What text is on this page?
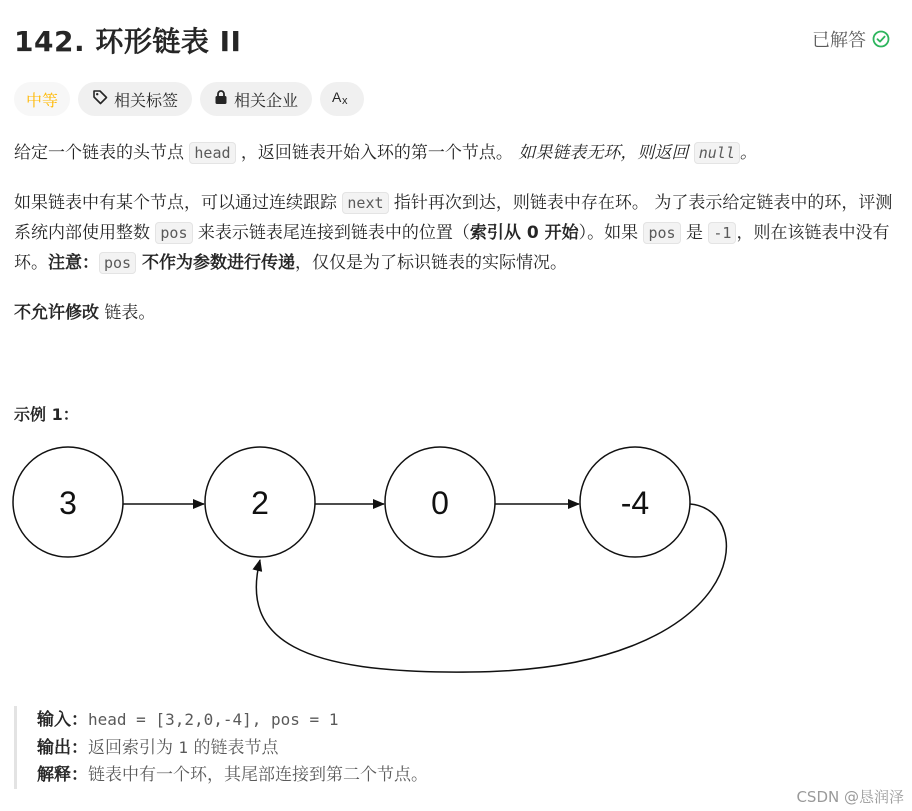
142. 环形链表 II	已解答
中等	相关标签	相关企业 A x
给定一个链表的头节点 head ，返回链表开始入环的第一个节点。 如果链表无环，则返回 null 。
如果链表中有某个节点，可以通过连续跟踪 next 指针再次到达，则链表中存在环。 为了表示给定链表中的环，评测系统内部使用整数 pos 来表示链表尾连接到链表中的位置（索引从 0 开始）。如果 pos 是 -1 ，则在该链表中没有环。注意： pos 不作为参数进行传递，仅仅是为了标识链表的实际情况。
不允许修改 链表。
示例 1：
3	2	0	-4
输入：head = [3,2,0,-4], pos = 1
输出：返回索引为 1 的链表节点
解释：链表中有一个环，其尾部连接到第二个节点。
CSDN @恳润泽
